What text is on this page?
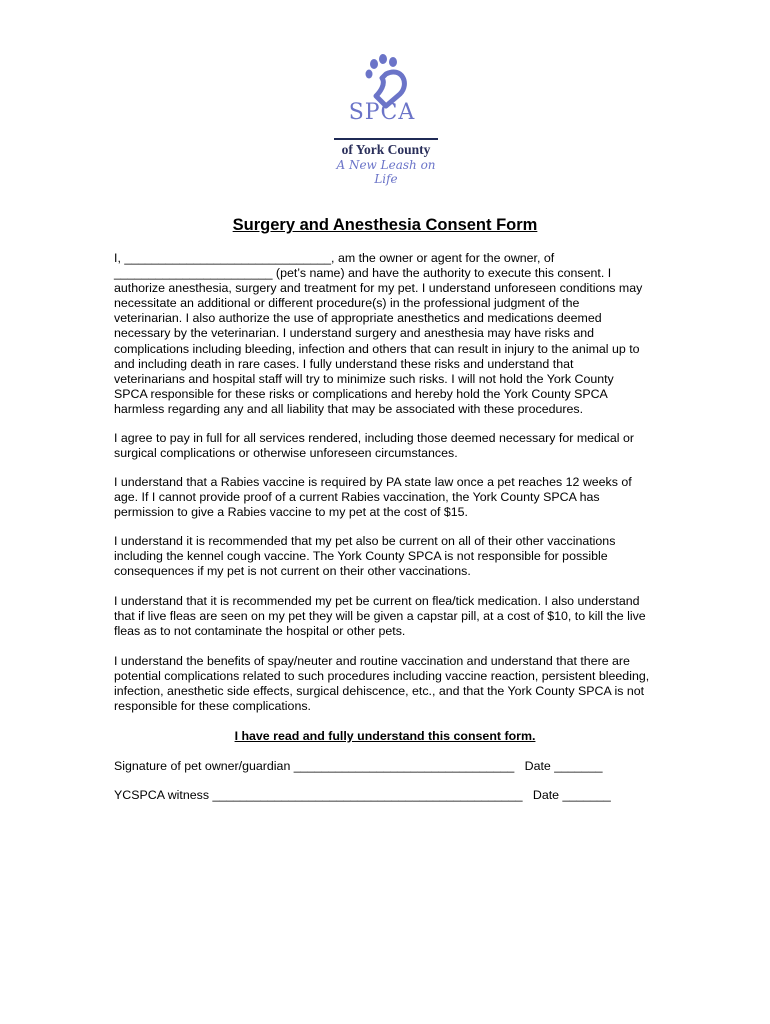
SPCA
of York County
A New Leash on Life
Surgery and Anesthesia Consent Form

I, ______________________________, am the owner or agent for the owner, of
_______________________ (pet’s name) and have the authority to execute this consent. I
authorize anesthesia, surgery and treatment for my pet. I understand unforeseen conditions may
necessitate an additional or different procedure(s) in the professional judgment of the
veterinarian. I also authorize the use of appropriate anesthetics and medications deemed
necessary by the veterinarian. I understand surgery and anesthesia may have risks and
complications including bleeding, infection and others that can result in injury to the animal up to
and including death in rare cases. I fully understand these risks and understand that
veterinarians and hospital staff will try to minimize such risks. I will not hold the York County
SPCA responsible for these risks or complications and hereby hold the York County SPCA
harmless regarding any and all liability that may be associated with these procedures.

I agree to pay in full for all services rendered, including those deemed necessary for medical or
surgical complications or otherwise unforeseen circumstances.

I understand that a Rabies vaccine is required by PA state law once a pet reaches 12 weeks of
age. If I cannot provide proof of a current Rabies vaccination, the York County SPCA has
permission to give a Rabies vaccine to my pet at the cost of $15.

I understand it is recommended that my pet also be current on all of their other vaccinations
including the kennel cough vaccine. The York County SPCA is not responsible for possible
consequences if my pet is not current on their other vaccinations.

I understand that it is recommended my pet be current on flea/tick medication. I also understand
that if live fleas are seen on my pet they will be given a capstar pill, at a cost of $10, to kill the live
fleas as to not contaminate the hospital or other pets.

I understand the benefits of spay/neuter and routine vaccination and understand that there are
potential complications related to such procedures including vaccine reaction, persistent bleeding,
infection, anesthetic side effects, surgical dehiscence, etc., and that the York County SPCA is not
responsible for these complications.

I have read and fully understand this consent form.
Signature of pet owner/guardian ________________________________   Date _______
YCSPCA witness _____________________________________________   Date _______
